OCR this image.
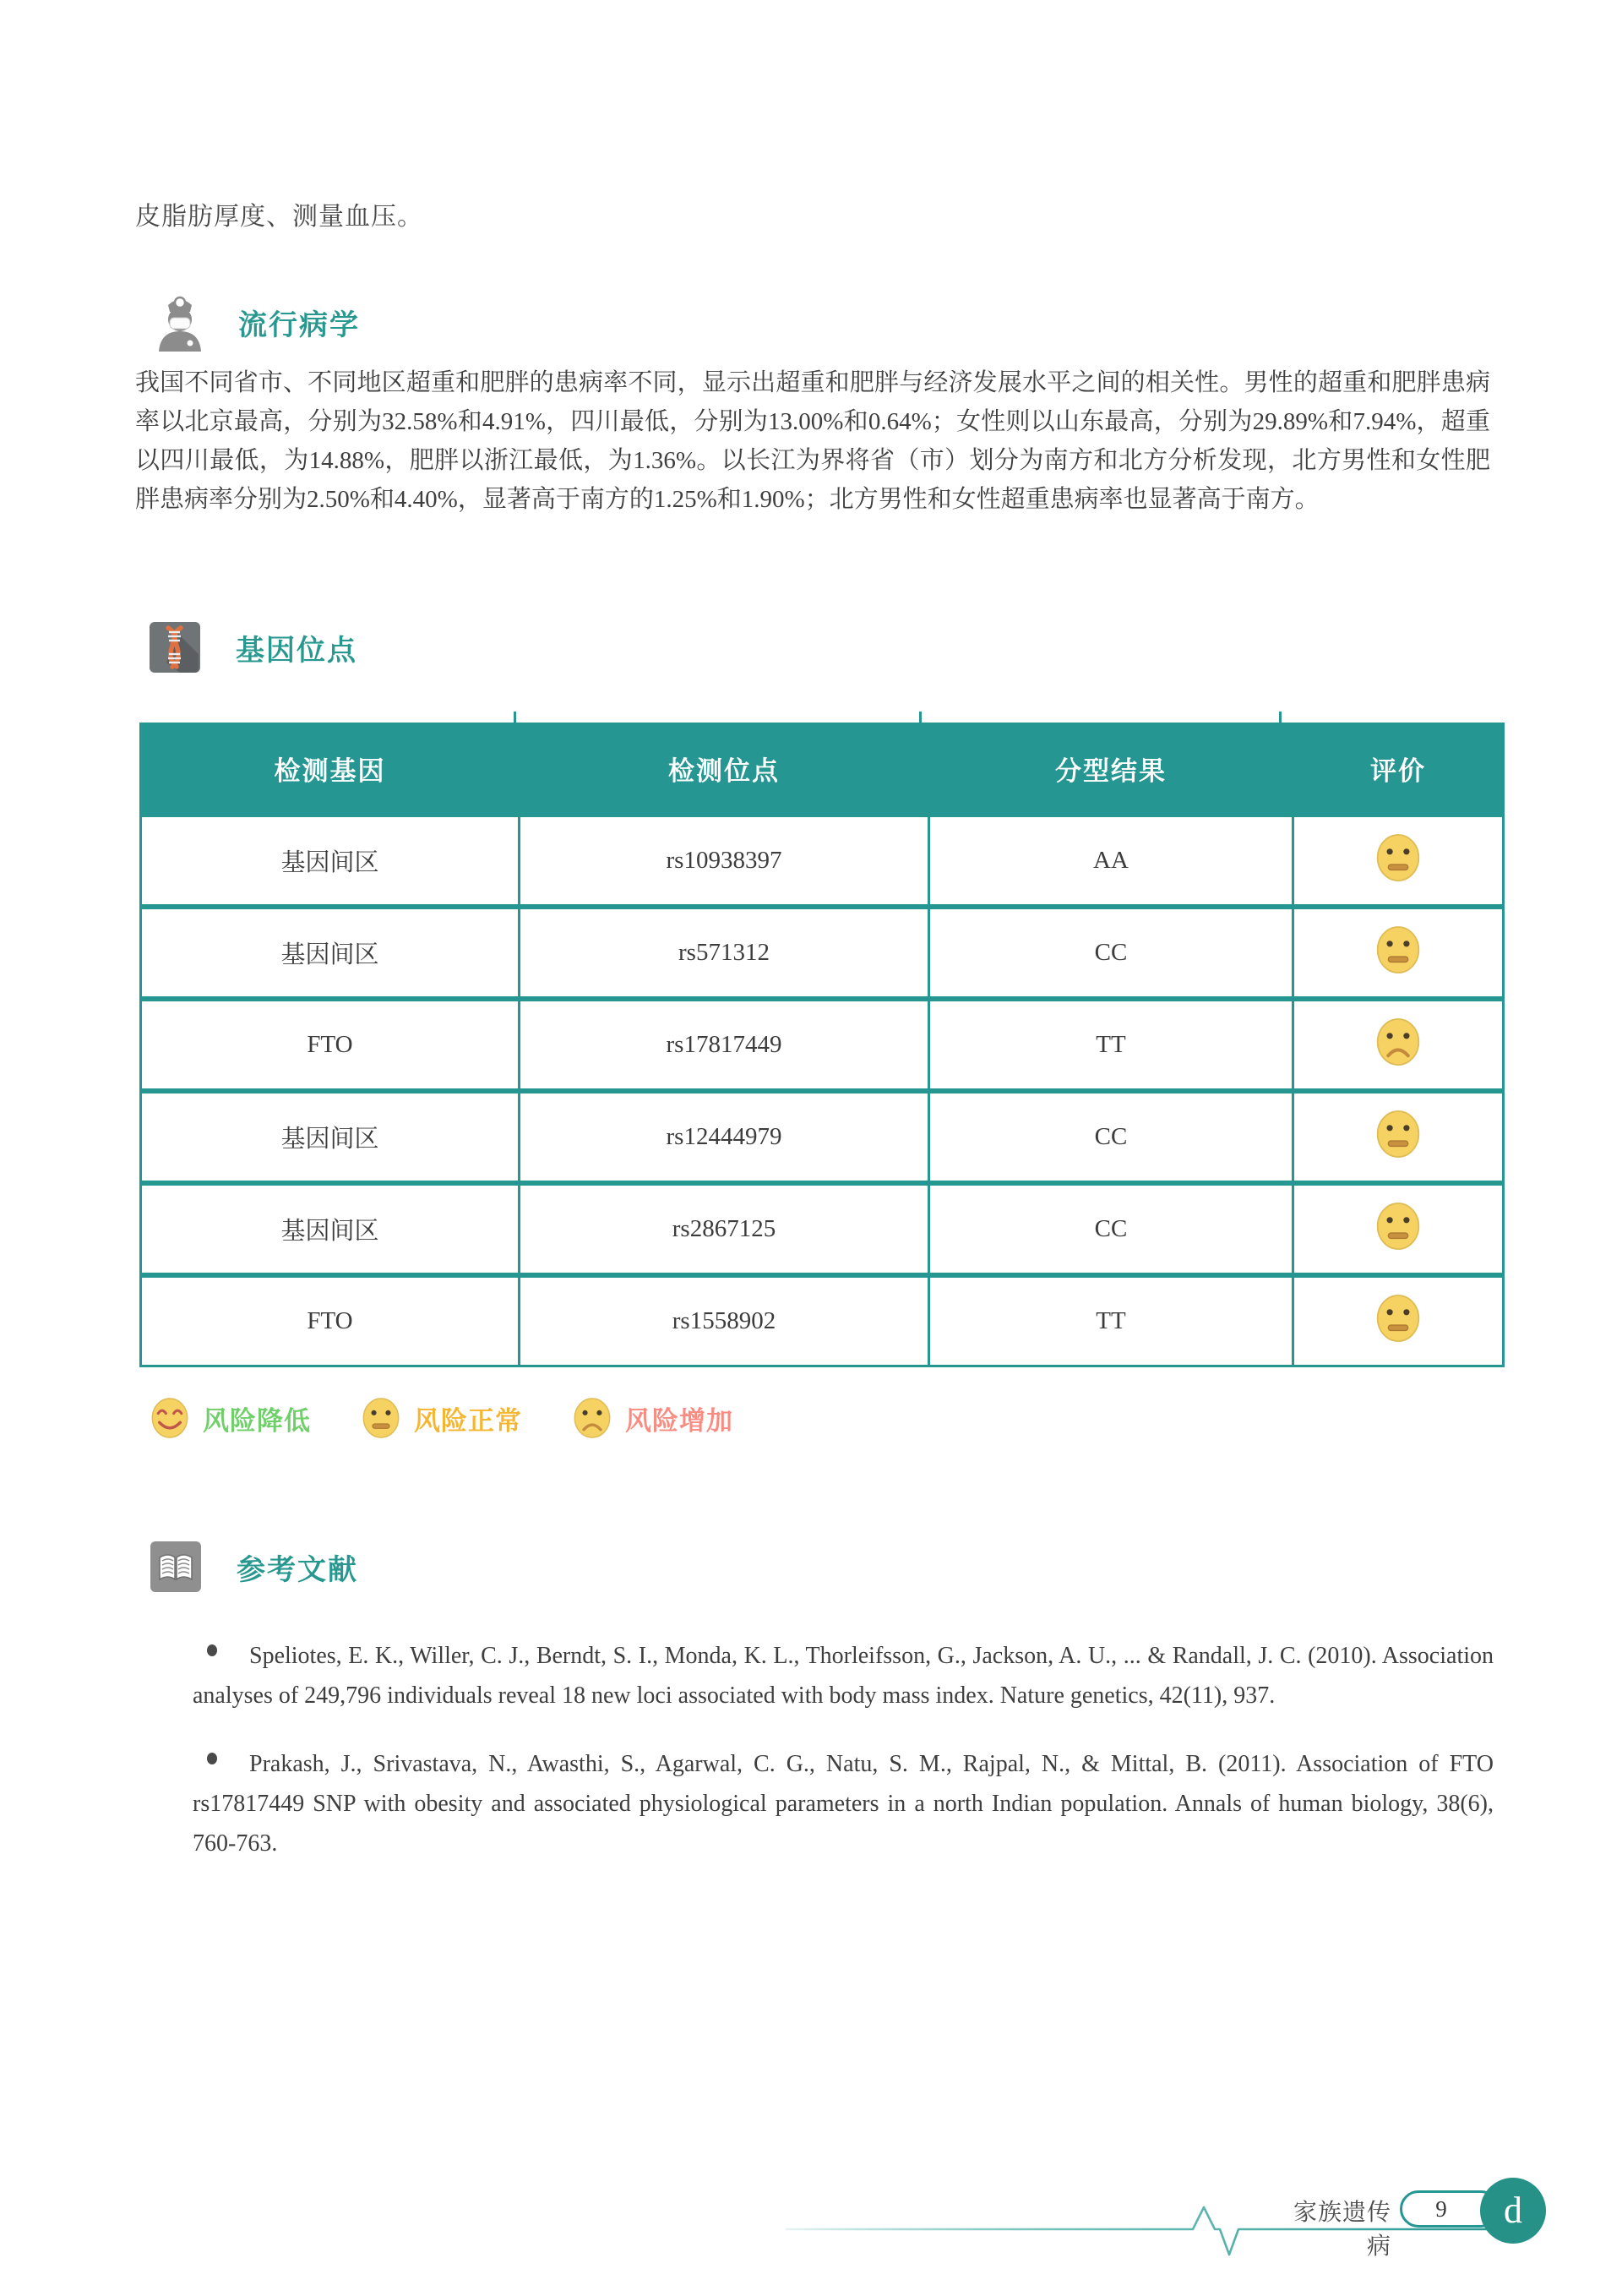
皮脂肪厚度、测量血压。
流行病学
我国不同省市、不同地区超重和肥胖的患病率不同，显示出超重和肥胖与经济发展水平之间的相关性。男性的超重和肥胖患病率以北京最高，分别为32.58%和4.91%，四川最低，分别为13.00%和0.64%；女性则以山东最高，分别为29.89%和7.94%，超重以四川最低，为14.88%，肥胖以浙江最低，为1.36%。以长江为界将省（市）划分为南方和北方分析发现，北方男性和女性肥胖患病率分别为2.50%和4.40%，显著高于南方的1.25%和1.90%；北方男性和女性超重患病率也显著高于南方。
基因位点
检测基因	检测位点	分型结果	评价
基因间区	rs10938397	AA	
基因间区	rs571312	CC	
FTO	rs17817449	TT	
基因间区	rs12444979	CC	
基因间区	rs2867125	CC	
FTO	rs1558902	TT	
风险降低	风险正常	风险增加
参考文献
Speliotes, E. K., Willer, C. J., Berndt, S. I., Monda, K. L., Thorleifsson, G., Jackson, A. U., ... & Randall, J. C. (2010). Association analyses of 249,796 individuals reveal 18 new loci associated with body mass index. Nature genetics, 42(11), 937.
Prakash, J., Srivastava, N., Awasthi, S., Agarwal, C. G., Natu, S. M., Rajpal, N., & Mittal, B. (2011). Association of FTO rs17817449 SNP with obesity and associated physiological parameters in a north Indian population. Annals of human biology, 38(6), 760-763.
家族遗传病
9 d
